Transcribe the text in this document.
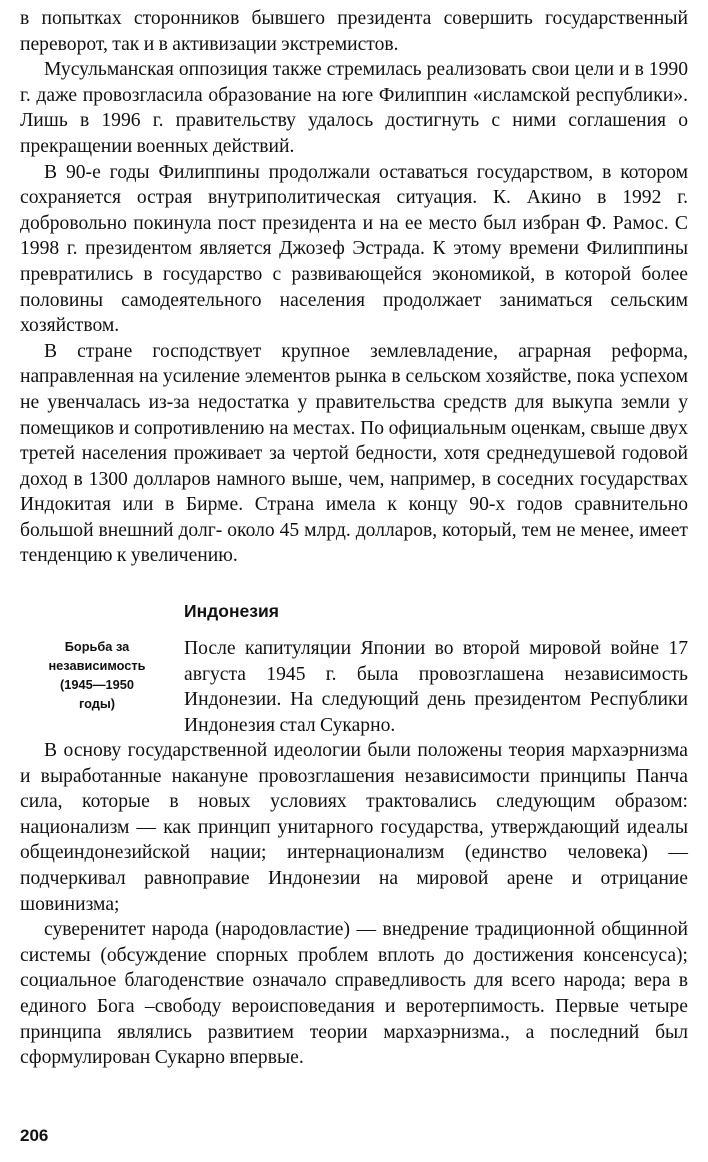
в попытках сторонников бывшего президента совершить государственный переворот, так и в активизации экстремистов.

Мусульманская оппозиция также стремилась реализовать свои цели и в 1990 г. даже провозгласила образование на юге Филиппин «исламской республики». Лишь в 1996 г. правительству удалось достигнуть с ними соглашения о прекращении военных действий.

В 90-е годы Филиппины продолжали оставаться государством, в котором сохраняется острая внутриполитическая ситуация. К. Акино в 1992 г. добровольно покинула пост президента и на ее место был избран Ф. Рамос. С 1998 г. президентом является Джозеф Эстрада. К этому времени Филиппины превратились в государство с развивающейся экономикой, в которой более половины самодеятельного населения продолжает заниматься сельским хозяйством.

В стране господствует крупное землевладение, аграрная реформа, направленная на усиление элементов рынка в сельском хозяйстве, пока успехом не увенчалась из-за недостатка у правительства средств для выкупа земли у помещиков и сопротивлению на местах. По официальным оценкам, свыше двух третей населения проживает за чертой бедности, хотя среднедушевой годовой доход в 1300 долларов намного выше, чем, например, в соседних государствах Индокитая или в Бирме. Страна имела к концу 90-х годов сравнительно большой внешний долг- около 45 млрд. долларов, который, тем не менее, имеет тенденцию к увеличению.

Индонезия
Борьба за
независимость
(1945—1950
годы)

После капитуляции Японии во второй мировой войне 17 августа 1945 г. была провозглашена независимость Индонезии. На следующий день президентом Республики Индонезия стал Сукарно.

В основу государственной идеологии были положены теория мархаэрнизма и выработанные накануне провозглашения независимости принципы Панча сила, которые в новых условиях трактовались следующим образом: национализм — как принцип унитарного государства, утверждающий идеалы общеиндонезийской нации; интернационализм (единство человека) — подчеркивал равноправие Индонезии на мировой арене и отрицание шовинизма;

суверенитет народа (народовластие) — внедрение традиционной общинной системы (обсуждение спорных проблем вплоть до достижения консенсуса); социальное благоденствие означало справедливость для всего народа; вера в единого Бога –свободу вероисповедания и веротерпимость. Первые четыре принципа являлись развитием теории мархаэрнизма., а последний был сформулирован Сукарно впервые.

206
